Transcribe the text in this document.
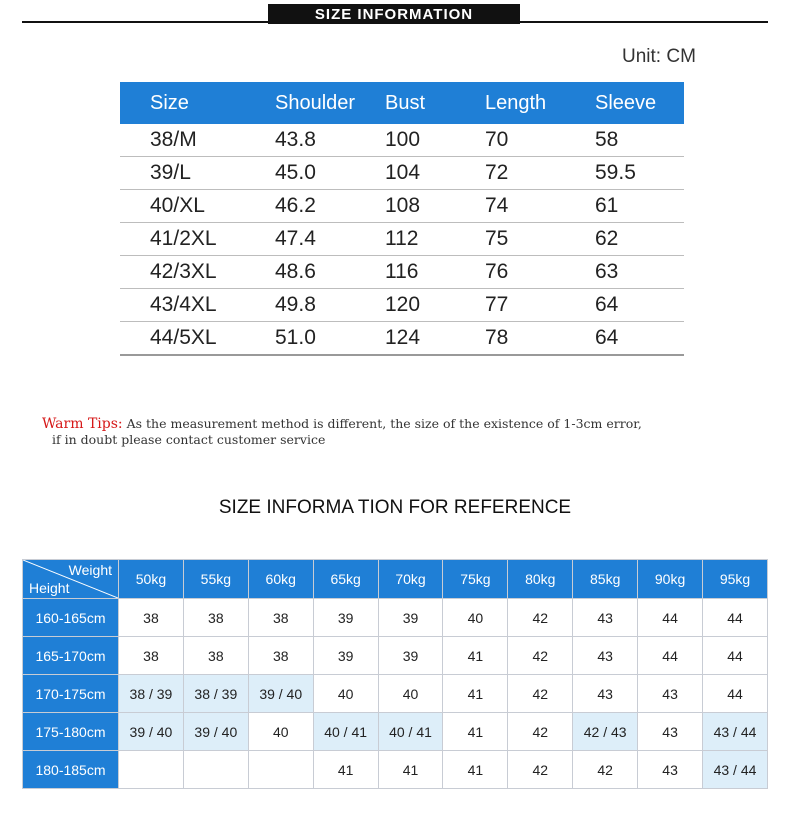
SIZE INFORMATION
Unit: CM
Size	Shoulder	Bust	Length	Sleeve
38/M	43.8	100	70	58
39/L	45.0	104	72	59.5
40/XL	46.2	108	74	61
41/2XL	47.4	112	75	62
42/3XL	48.6	116	76	63
43/4XL	49.8	120	77	64
44/5XL	51.0	124	78	64
Warm Tips: As the measurement method is different, the size of the existence of 1-3cm error,
if in doubt please contact customer service
SIZE INFORMA TION FOR REFERENCE
Weight
Height	50kg	55kg	60kg	65kg	70kg	75kg	80kg	85kg	90kg	95kg
160-165cm	38	38	38	39	39	40	42	43	44	44
165-170cm	38	38	38	39	39	41	42	43	44	44
170-175cm	38 / 39	38 / 39	39 / 40	40	40	41	42	43	43	44
175-180cm	39 / 40	39 / 40	40	40 / 41	40 / 41	41	42	42 / 43	43	43 / 44
180-185cm				41	41	41	42	42	43	43 / 44
